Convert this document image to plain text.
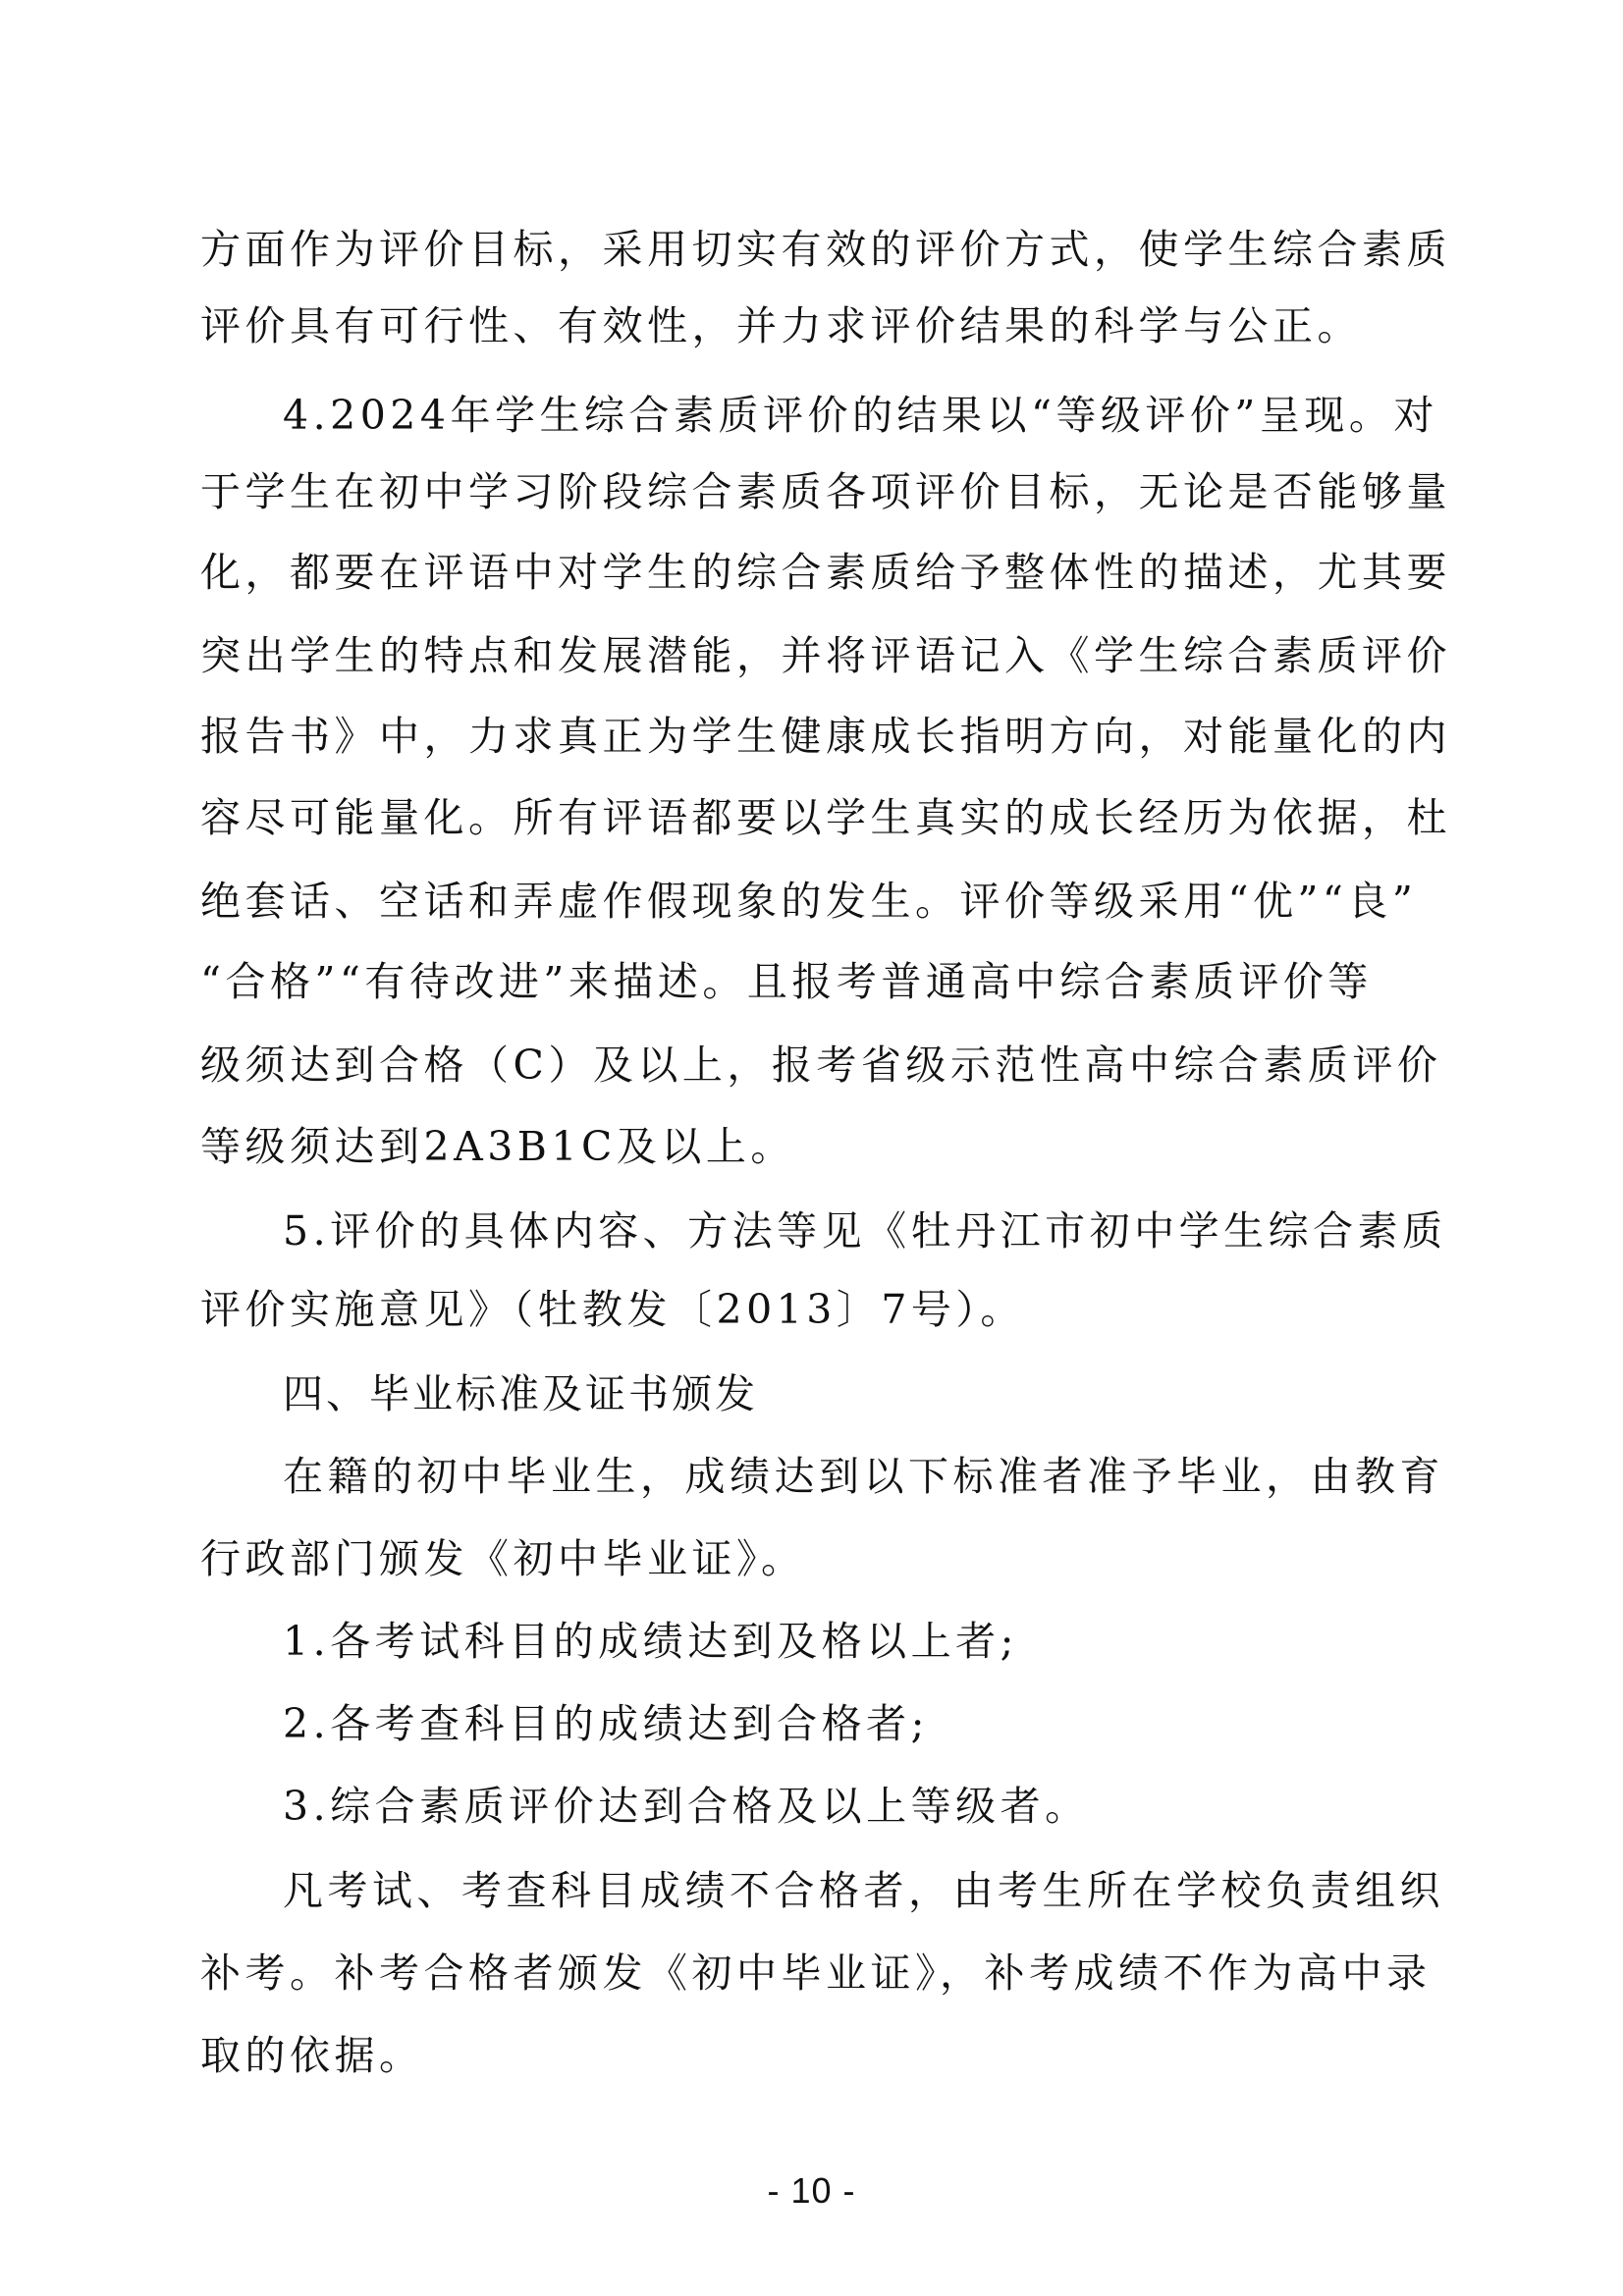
方面作为评价目标，采用切实有效的评价方式，使学生综合素质
评价具有可行性、有效性，并力求评价结果的科学与公正。
4.2024年学生综合素质评价的结果以“等级评价”呈现。对
于学生在初中学习阶段综合素质各项评价目标，无论是否能够量
化，都要在评语中对学生的综合素质给予整体性的描述，尤其要
突出学生的特点和发展潜能，并将评语记入《学生综合素质评价
报告书》中，力求真正为学生健康成长指明方向，对能量化的内
容尽可能量化。所有评语都要以学生真实的成长经历为依据，杜
绝套话、空话和弄虚作假现象的发生。评价等级采用“优”“良”
“合格”“有待改进”来描述。且报考普通高中综合素质评价等
级须达到合格（C）及以上，报考省级示范性高中综合素质评价
等级须达到2A3B1C及以上。
5.评价的具体内容、方法等见《牡丹江市初中学生综合素质
评价实施意见》（牡教发〔2013〕7号）。
四、毕业标准及证书颁发
在籍的初中毕业生，成绩达到以下标准者准予毕业，由教育
行政部门颁发《初中毕业证》。
1.各考试科目的成绩达到及格以上者;
2.各考查科目的成绩达到合格者;
3.综合素质评价达到合格及以上等级者。
凡考试、考查科目成绩不合格者，由考生所在学校负责组织
补考。补考合格者颁发《初中毕业证》，补考成绩不作为高中录
取的依据。
- 10 -
